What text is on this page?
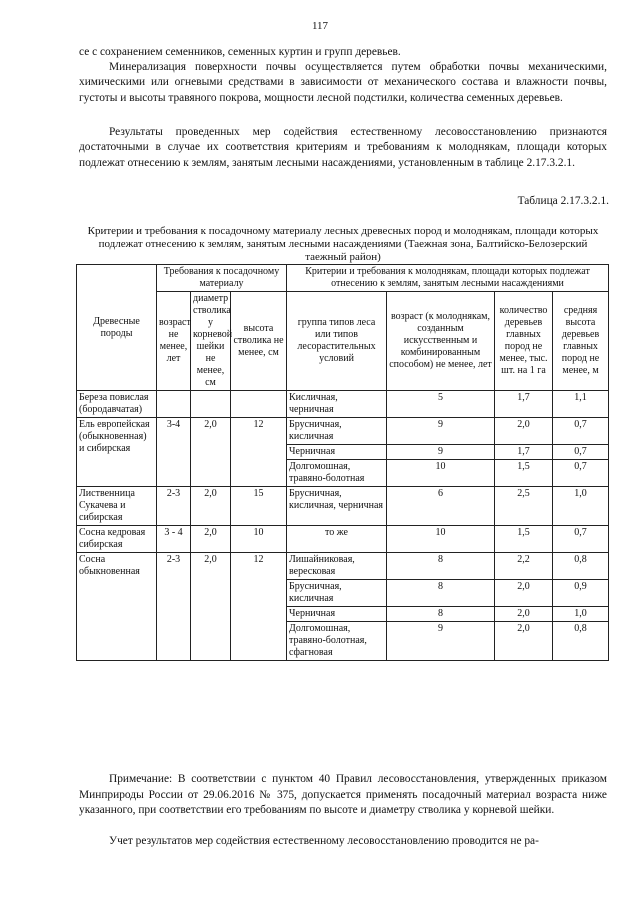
117

се с сохранением семенников, семенных куртин и групп деревьев.

Минерализация поверхности почвы осуществляется путем обработки почвы механическими, химическими или огневыми средствами в зависимости от механического состава и влажности почвы, густоты и высоты травяного покрова, мощности лесной подстилки, количества семенных деревьев.

Результаты проведенных мер содействия естественному лесовосстановлению признаются достаточными в случае их соответствия критериям и требованиям к молоднякам, площади которых подлежат отнесению к землям, занятым лесными насаждениями, установленным в таблице 2.17.3.2.1.

Таблица 2.17.3.2.1.
Критерии и требования к посадочному материалу лесных древесных пород и молоднякам, площади которых подлежат отнесению к землям, занятым лесными насаждениями (Таежная зона, Балтийско-Белозерский таежный район)
Древесные породы	Требования к посадочному материалу			Критерии и требования к молоднякам, площади которых подлежат отнесению к землям, занятым лесными насаждениями			
	возраст не менее, лет	диаметр стволика у корневой шейки не менее, см	высота стволика не менее, см	группа типов леса или типов лесорастительных условий	возраст (к молоднякам, созданным искусственным и комбинированным способом) не менее, лет	количество деревьев главных пород не менее, тыс. шт. на 1 га	средняя высота деревьев главных пород не менее, м
Береза повислая (бородавчатая)				Кисличная, черничная	5	1,7	1,1
Ель европейская (обыкновенная) и сибирская	3-4	2,0	12	Брусничная, кисличная	9	2,0	0,7
				Черничная	9	1,7	0,7
				Долгомошная, травяно-болотная	10	1,5	0,7
Лиственница Сукачева и сибирская	2-3	2,0	15	Брусничная, кисличная, черничная	6	2,5	1,0
Сосна кедровая сибирская	3 - 4	2,0	10	то же	10	1,5	0,7
Сосна обыкновенная	2-3	2,0	12	Лишайниковая, вересковая	8	2,2	0,8
				Брусничная, кисличная	8	2,0	0,9
				Черничная	8	2,0	1,0
				Долгомошная, травяно-болотная, сфагновая	9	2,0	0,8

Примечание: В соответствии с пунктом 40 Правил лесовосстановления, утвержденных приказом Минприроды России от 29.06.2016 № 375, допускается применять посадочный материал возраста ниже указанного, при соответствии его требованиям по высоте и диаметру стволика у корневой шейки.

Учет результатов мер содействия естественному лесовосстановлению проводится не ра-
